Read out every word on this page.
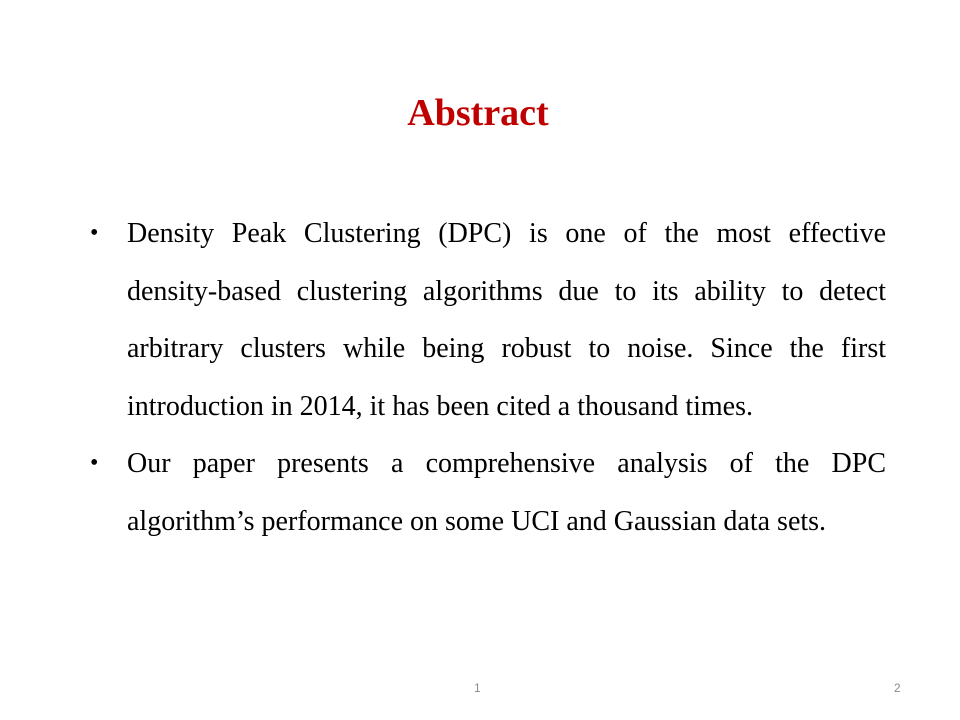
Abstract
• Density Peak Clustering (DPC) is one of the most effective density-based clustering algorithms due to its ability to detect arbitrary clusters while being robust to noise. Since the first introduction in 2014, it has been cited a thousand times.
• Our paper presents a comprehensive analysis of the DPC algorithm’s performance on some UCI and Gaussian data sets.
1	2
